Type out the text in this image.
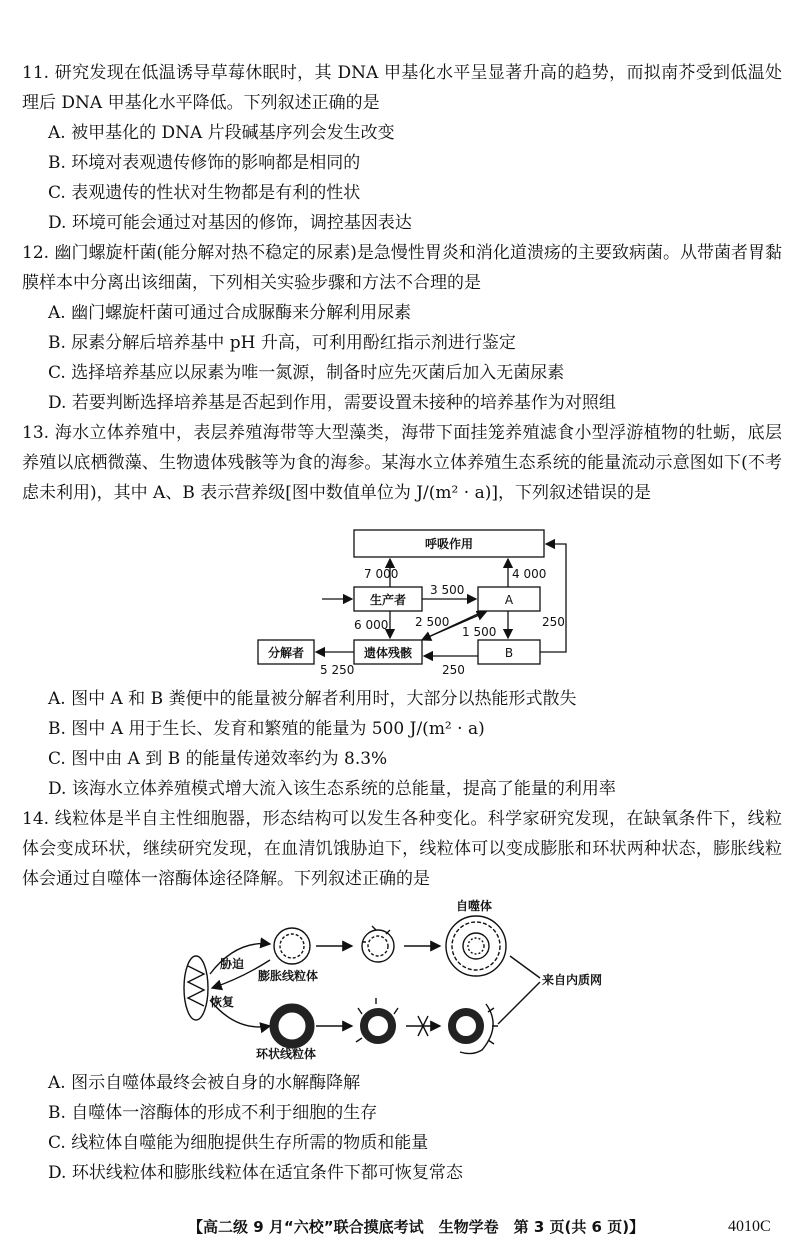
11. 研究发现在低温诱导草莓休眠时，其 DNA 甲基化水平呈显著升高的趋势，而拟南芥受到低温处理后 DNA 甲基化水平降低。下列叙述正确的是

A. 被甲基化的 DNA 片段碱基序列会发生改变

B. 环境对表观遗传修饰的影响都是相同的

C. 表观遗传的性状对生物都是有利的性状

D. 环境可能会通过对基因的修饰，调控基因表达

12. 幽门螺旋杆菌(能分解对热不稳定的尿素)是急慢性胃炎和消化道溃疡的主要致病菌。从带菌者胃黏膜样本中分离出该细菌，下列相关实验步骤和方法不合理的是

A. 幽门螺旋杆菌可通过合成脲酶来分解利用尿素

B. 尿素分解后培养基中 pH 升高，可利用酚红指示剂进行鉴定

C. 选择培养基应以尿素为唯一氮源，制备时应先灭菌后加入无菌尿素

D. 若要判断选择培养基是否起到作用，需要设置未接种的培养基作为对照组

13. 海水立体养殖中，表层养殖海带等大型藻类，海带下面挂笼养殖滤食小型浮游植物的牡蛎，底层养殖以底栖微藻、生物遗体残骸等为食的海参。某海水立体养殖生态系统的能量流动示意图如下(不考虑未利用)，其中 A、B 表示营养级[图中数值单位为 J/(m² · a)]，下列叙述错误的是

呼吸作用
生产者	A
B
遗体残骸
分解者
7 000	4 000
3 500
6 000 2 500
1 500
250
250
5 250

A. 图中 A 和 B 粪便中的能量被分解者利用时，大部分以热能形式散失

B. 图中 A 用于生长、发育和繁殖的能量为 500 J/(m² · a)

C. 图中由 A 到 B 的能量传递效率约为 8.3%

D. 该海水立体养殖模式增大流入该生态系统的总能量，提高了能量的利用率

14. 线粒体是半自主性细胞器，形态结构可以发生各种变化。科学家研究发现，在缺氧条件下，线粒体会变成环状，继续研究发现，在血清饥饿胁迫下，线粒体可以变成膨胀和环状两种状态，膨胀线粒体会通过自噬体一溶酶体途径降解。下列叙述正确的是

胁迫
恢复
膨胀线粒体
自噬体
环状线粒体
来自内质网

A. 图示自噬体最终会被自身的水解酶降解

B. 自噬体一溶酶体的形成不利于细胞的生存

C. 线粒体自噬能为细胞提供生存所需的物质和能量

D. 环状线粒体和膨胀线粒体在适宜条件下都可恢复常态

【高二级 9 月“六校”联合摸底考试　生物学卷　第 3 页(共 6 页)】	4010C
